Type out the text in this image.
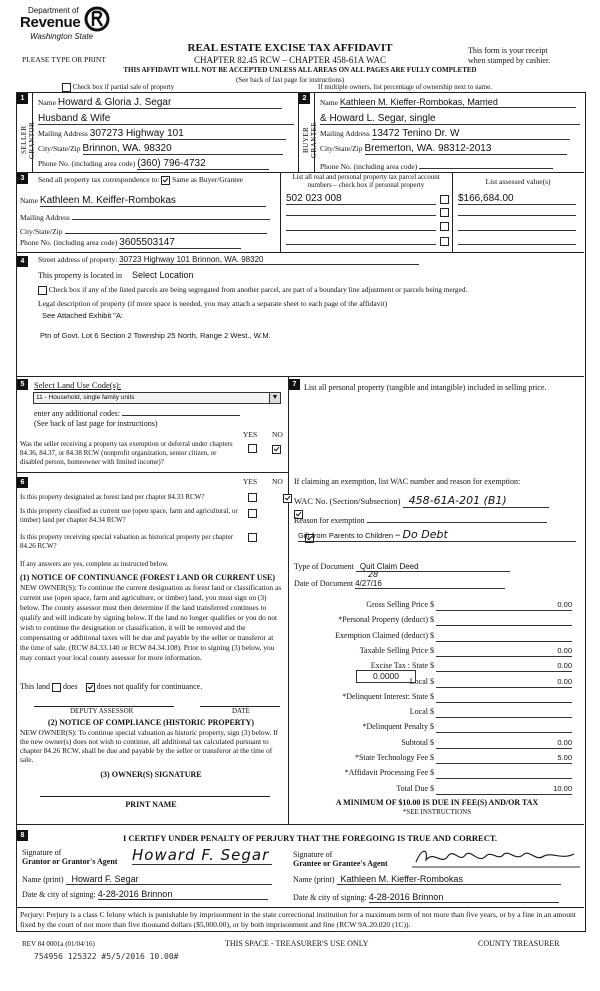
Department of
Revenue
Washington State
PLEASE TYPE OR PRINT
REAL ESTATE EXCISE TAX AFFIDAVIT
CHAPTER 82.45 RCW – CHAPTER 458-61A WAC
THIS AFFIDAVIT WILL NOT BE ACCEPTED UNLESS ALL AREAS ON ALL PAGES ARE FULLY COMPLETED
(See back of last page for instructions)
This form is your receipt
when stamped by cashier.
Check box if partial sale of property	If multiple owners, list percentage of ownership next to name.
1
SELLER GRANTOR
2
BUYER GRANTEE
Name Howard & Gloria J. Segar
Husband & Wife
Mailing Address 307273 Highway 101
City/State/Zip Brinnon, WA. 98320
Phone No. (including area code) (360) 796-4732
Name Kathleen M. Kieffer-Rombokas, Married
& Howard L. Segar, single
Mailing Address 13472 Tenino Dr. W
City/State/Zip Bremerton, WA. 98312-2013
Phone No. (including area code)
3	Send all property tax correspondence to: Same as Buyer/Grantee	List all real and personal property tax parcel account numbers – check box if personal property	List assessed value(s)
Name Kathleen M. Keiffer-Rombokas
Mailing Address
City/State/Zip
Phone No. (including area code) 3605503147
502 023 008	$166,684.00
4	Street address of property: 30723 Highway 101 Brinnon, WA. 98320
This property is located in Select Location
Check box if any of the listed parcels are being segregated from another parcel, are part of a boundary line adjustment or parcels being merged.
Legal description of property (if more space is needed, you may attach a separate sheet to each page of the affidavit)
See Attached Exhibit "A:
Ptn of Govt. Lot 6 Section 2 Township 25 North, Range 2 West., W.M.
5	Select Land Use Code(s):
11 - Household, single family units	▼
enter any additional codes:
(See back of last page for instructions)
YES NO
Was the seller receiving a property tax exemption or deferral under chapters 84.36, 84.37, or 84.38 RCW (nonprofit organization, senior citizen, or disabled person, homeowner with limited income)?

7 List all personal property (tangible and intangible) included in selling price.
6	YES NO
Is this property designated as forest land per chapter 84.33 RCW?

Is this property classified as current use (open space, farm and agricultural, or timber) land per chapter 84.34 RCW?

Is this property receiving special valuation as historical property per chapter 84.26 RCW?
If any answers are yes, complete as instructed below.
(1) NOTICE OF CONTINUANCE (FOREST LAND OR CURRENT USE)
NEW OWNER(S): To continue the current designation as forest land or classification as current use (open space, farm and agriculture, or timber) land, you must sign on (3) below. The county assessor must then determine if the land transferred continues to qualify and will indicate by signing below. If the land no longer qualifies or you do not wish to continue the designation or classification, it will be removed and the compensating or additional taxes will be due and payable by the seller or transferor at the time of sale. (RCW 84.33.140 or RCW 84.34.108). Prior to signing (3) below, you may contact your local county assessor for more information.
This land does does not qualify for continuance.
DEPUTY ASSESSOR	DATE
(2) NOTICE OF COMPLIANCE (HISTORIC PROPERTY)
NEW OWNER(S): To continue special valuation as historic property, sign (3) below. If the new owner(s) does not wish to continue, all additional tax calculated pursuant to chapter 84.26 RCW, shall be due and payable by the seller or transferor at the time of sale.
(3) OWNER(S) SIGNATURE
PRINT NAME
If claiming an exemption, list WAC number and reason for exemption:
WAC No. (Section/Subsection) 458-61A-201 (B1)
Reason for exemption
Gift from Parents to Children – Do Debt
Type of Document Quit Claim Deed
28
Date of Document 4/27/16
Gross Selling Price $	0.00
*Personal Property (deduct) $
Exemption Claimed (deduct) $
Taxable Selling Price $	0.00
Excise Tax : State $	0.00
Local $	0.00
*Delinquent Interest: State $
Local $
*Delinquent Penalty $
Subtotal $	0.00
*State Technology Fee $	5.00
*Affidavit Processing Fee $
Total Due $	10.00
0.0000
A MINIMUM OF $10.00 IS DUE IN FEE(S) AND/OR TAX
*SEE INSTRUCTIONS
8	I CERTIFY UNDER PENALTY OF PERJURY THAT THE FOREGOING IS TRUE AND CORRECT.
Signature of
Grantor or Grantor's Agent Howard F. Segar
Name (print) Howard F. Segar
Date & city of signing: 4-28-2016 Brinnon
Signature of
Grantee or Grantee's Agent
Name (print) Kathleen M. Kieffer-Rombokas
Date & city of signing: 4-28-2016 Brinnon
Perjury: Perjury is a class C felony which is punishable by imprisonment in the state correctional institution for a maximum term of not more than five years, or by a fine in an amount fixed by the court of not more than five thousand dollars ($5,000.00), or by both imprisonment and fine (RCW 9A.20.020 (1C)).
REV 84 0001a (01/04/16)	THIS SPACE - TREASURER'S USE ONLY	COUNTY TREASURER
754956 125322 #5/5/2016 10.00#
